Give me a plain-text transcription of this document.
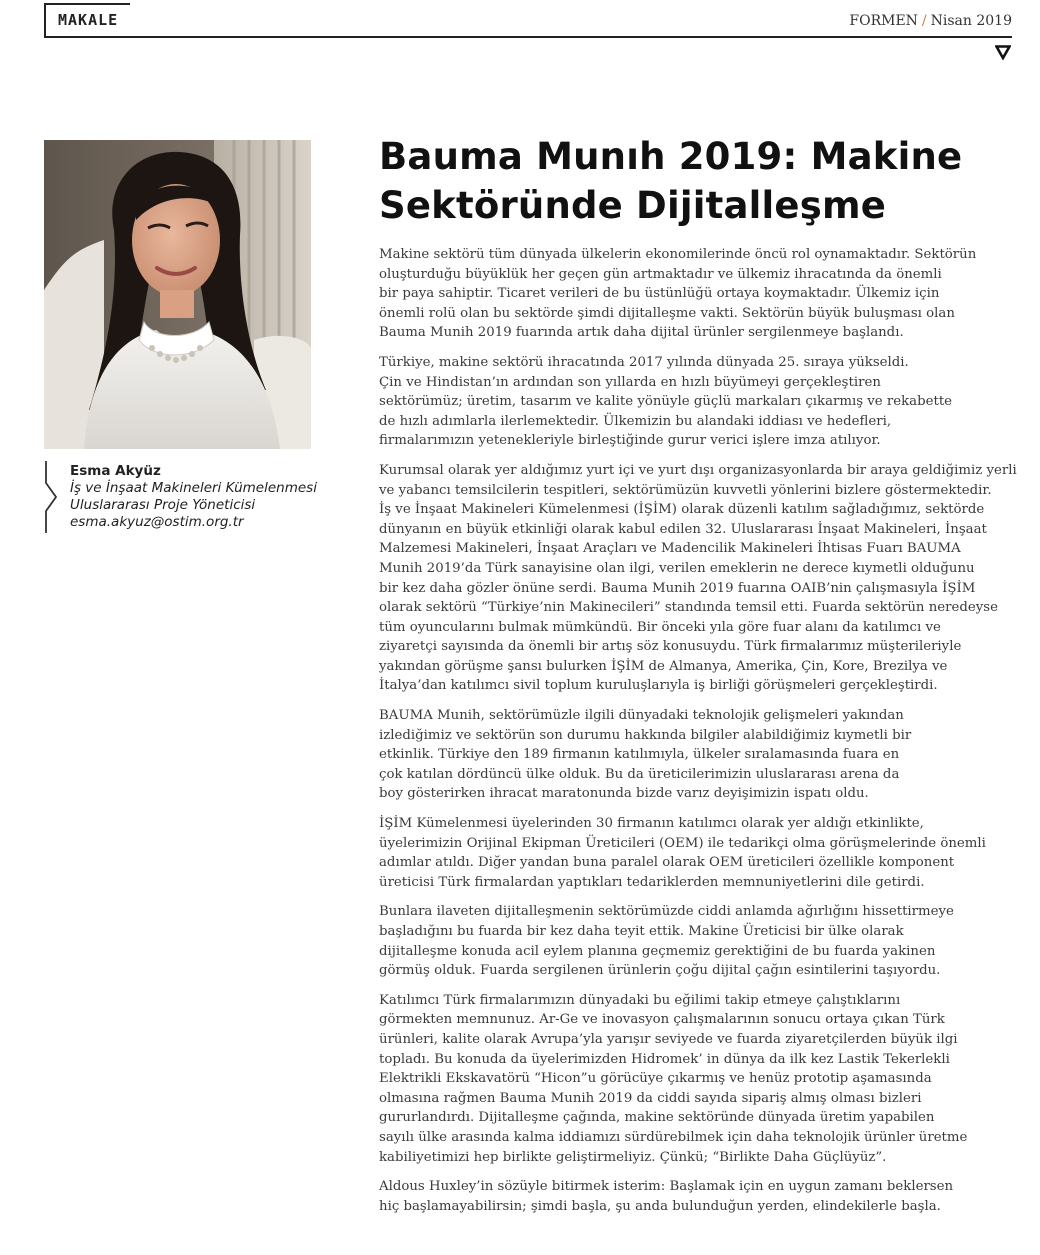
MAKALE	FORMEN / Nisan 2019
Esma Akyüz
İş ve İnşaat Makineleri Kümelenmesi
Uluslararası Proje Yöneticisi
esma.akyuz@ostim.org.tr
Bauma Munıh 2019: Makine
Sektöründe Dijitalleşme

Makine sektörü tüm dünyada ülkelerin ekonomilerinde öncü rol oynamaktadır. Sektörün
oluşturduğu büyüklük her geçen gün artmaktadır ve ülkemiz ihracatında da önemli
bir paya sahiptir. Ticaret verileri de bu üstünlüğü ortaya koymaktadır. Ülkemiz için
önemli rolü olan bu sektörde şimdi dijitalleşme vakti. Sektörün büyük buluşması olan
Bauma Munih 2019 fuarında artık daha dijital ürünler sergilenmeye başlandı.

Türkiye, makine sektörü ihracatında 2017 yılında dünyada 25. sıraya yükseldi.
Çin ve Hindistan’ın ardından son yıllarda en hızlı büyümeyi gerçekleştiren
sektörümüz; üretim, tasarım ve kalite yönüyle güçlü markaları çıkarmış ve rekabette
de hızlı adımlarla ilerlemektedir. Ülkemizin bu alandaki iddiası ve hedefleri,
firmalarımızın yetenekleriyle birleştiğinde gurur verici işlere imza atılıyor.

Kurumsal olarak yer aldığımız yurt içi ve yurt dışı organizasyonlarda bir araya geldiğimiz yerli
ve yabancı temsilcilerin tespitleri, sektörümüzün kuvvetli yönlerini bizlere göstermektedir.
İş ve İnşaat Makineleri Kümelenmesi (İŞİM) olarak düzenli katılım sağladığımız, sektörde
dünyanın en büyük etkinliği olarak kabul edilen 32. Uluslararası İnşaat Makineleri, İnşaat
Malzemesi Makineleri, İnşaat Araçları ve Madencilik Makineleri İhtisas Fuarı BAUMA
Munih 2019’da Türk sanayisine olan ilgi, verilen emeklerin ne derece kıymetli olduğunu
bir kez daha gözler önüne serdi. Bauma Munih 2019 fuarına OAIB’nin çalışmasıyla İŞİM
olarak sektörü “Türkiye’nin Makinecileri” standında temsil etti. Fuarda sektörün neredeyse
tüm oyuncularını bulmak mümkündü. Bir önceki yıla göre fuar alanı da katılımcı ve
ziyaretçi sayısında da önemli bir artış söz konusuydu. Türk firmalarımız müşterileriyle
yakından görüşme şansı bulurken İŞİM de Almanya, Amerika, Çin, Kore, Brezilya ve
İtalya’dan katılımcı sivil toplum kuruluşlarıyla iş birliği görüşmeleri gerçekleştirdi.

BAUMA Munih, sektörümüzle ilgili dünyadaki teknolojik gelişmeleri yakından
izlediğimiz ve sektörün son durumu hakkında bilgiler alabildiğimiz kıymetli bir
etkinlik. Türkiye den 189 firmanın katılımıyla, ülkeler sıralamasında fuara en
çok katılan dördüncü ülke olduk. Bu da üreticilerimizin uluslararası arena da
boy gösterirken ihracat maratonunda bizde varız deyişimizin ispatı oldu.

İŞİM Kümelenmesi üyelerinden 30 firmanın katılımcı olarak yer aldığı etkinlikte,
üyelerimizin Orijinal Ekipman Üreticileri (OEM) ile tedarikçi olma görüşmelerinde önemli
adımlar atıldı. Diğer yandan buna paralel olarak OEM üreticileri özellikle komponent
üreticisi Türk firmalardan yaptıkları tedariklerden memnuniyetlerini dile getirdi.

Bunlara ilaveten dijitalleşmenin sektörümüzde ciddi anlamda ağırlığını hissettirmeye
başladığını bu fuarda bir kez daha teyit ettik. Makine Üreticisi bir ülke olarak
dijitalleşme konuda acil eylem planına geçmemiz gerektiğini de bu fuarda yakinen
görmüş olduk. Fuarda sergilenen ürünlerin çoğu dijital çağın esintilerini taşıyordu.

Katılımcı Türk firmalarımızın dünyadaki bu eğilimi takip etmeye çalıştıklarını
görmekten memnunuz. Ar-Ge ve inovasyon çalışmalarının sonucu ortaya çıkan Türk
ürünleri, kalite olarak Avrupa’yla yarışır seviyede ve fuarda ziyaretçilerden büyük ilgi
topladı. Bu konuda da üyelerimizden Hidromek’ in dünya da ilk kez Lastik Tekerlekli
Elektrikli Ekskavatörü “Hicon”u görücüye çıkarmış ve henüz prototip aşamasında
olmasına rağmen Bauma Munih 2019 da ciddi sayıda sipariş almış olması bizleri
gururlandırdı. Dijitalleşme çağında, makine sektöründe dünyada üretim yapabilen
sayılı ülke arasında kalma iddiamızı sürdürebilmek için daha teknolojik ürünler üretme
kabiliyetimizi hep birlikte geliştirmeliyiz. Çünkü; “Birlikte Daha Güçlüyüz”.

Aldous Huxley’in sözüyle bitirmek isterim: Başlamak için en uygun zamanı beklersen
hiç başlamayabilirsin; şimdi başla, şu anda bulunduğun yerden, elindekilerle başla.
